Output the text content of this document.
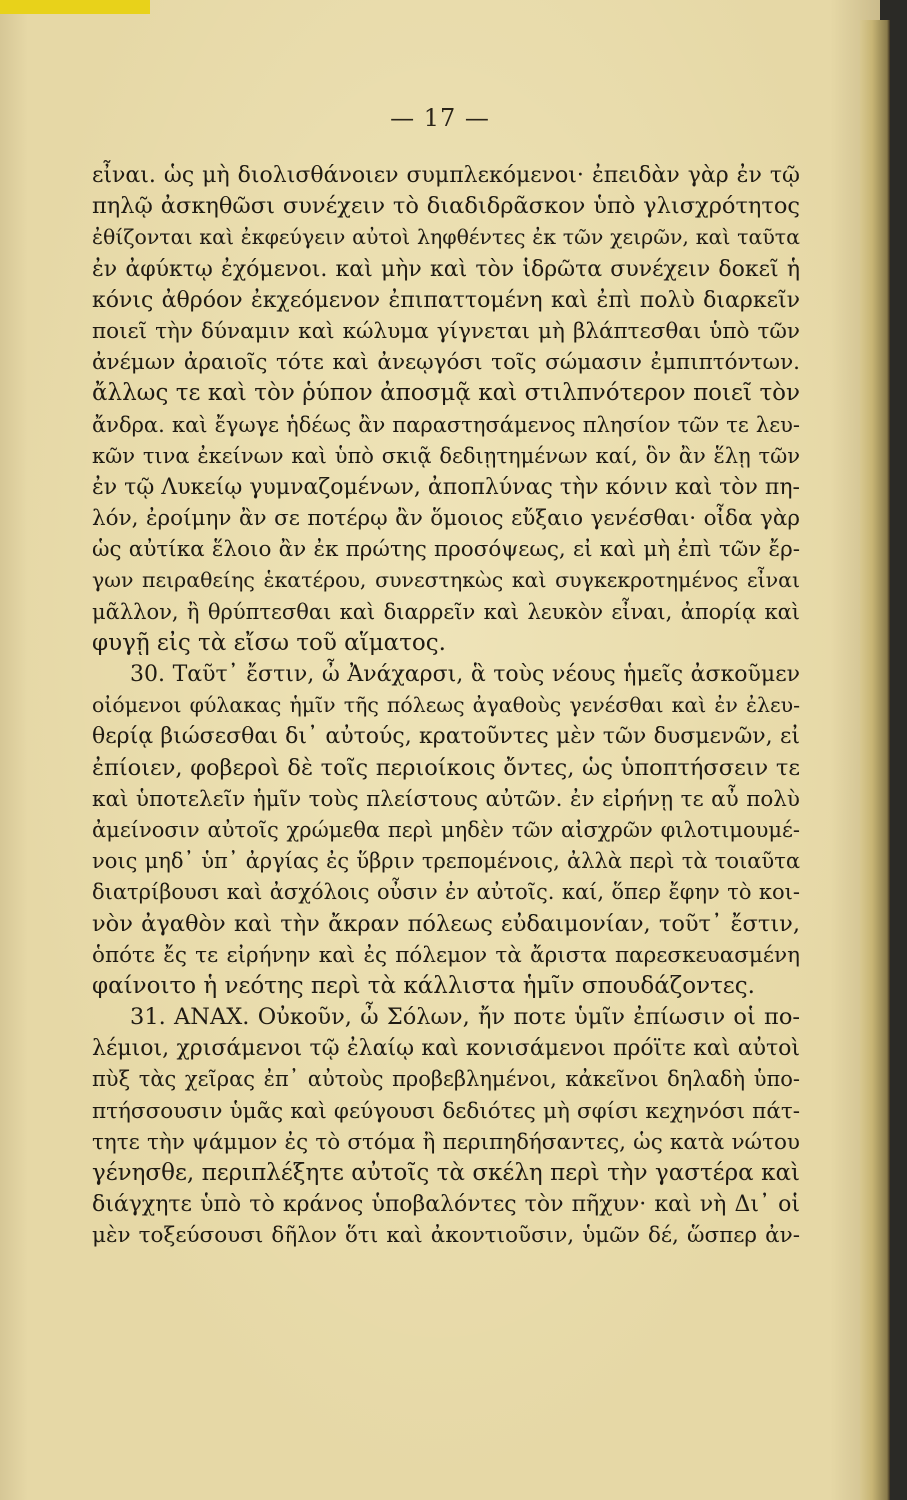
— 17 —
εἶναι. ὡς μὴ διολισθάνοιεν συμπλεκόμενοι· ἐπειδὰν γὰρ ἐν τῷ
πηλῷ ἀσκηθῶσι συνέχειν τὸ διαδιδρᾶσκον ὑπὸ γλισχρότητος
ἐθίζονται καὶ ἐκφεύγειν αὐτοὶ ληφθέντες ἐκ τῶν χειρῶν, καὶ ταῦτα
ἐν ἀφύκτῳ ἐχόμενοι. καὶ μὴν καὶ τὸν ἱδρῶτα συνέχειν δοκεῖ ἡ
κόνις ἀθρόον ἐκχεόμενον ἐπιπαττομένη καὶ ἐπὶ πολὺ διαρκεῖν
ποιεῖ τὴν δύναμιν καὶ κώλυμα γίγνεται μὴ βλάπτεσθαι ὑπὸ τῶν
ἀνέμων ἀραιοῖς τότε καὶ ἀνεῳγόσι τοῖς σώμασιν ἐμπιπτόντων.
ἄλλως τε καὶ τὸν ῥύπον ἀποσμᾷ καὶ στιλπνότερον ποιεῖ τὸν
ἄνδρα. καὶ ἔγωγε ἡδέως ἂν παραστησάμενος πλησίον τῶν τε λευ-
κῶν τινα ἐκείνων καὶ ὑπὸ σκιᾷ δεδιῃτημένων καί, ὃν ἂν ἕλῃ τῶν
ἐν τῷ Λυκείῳ γυμναζομένων, ἀποπλύνας τὴν κόνιν καὶ τὸν πη-
λόν, ἐροίμην ἂν σε ποτέρῳ ἂν ὅμοιος εὔξαιο γενέσθαι· οἶδα γὰρ
ὡς αὐτίκα ἕλοιο ἂν ἐκ πρώτης προσόψεως, εἰ καὶ μὴ ἐπὶ τῶν ἔρ-
γων πειραθείης ἑκατέρου, συνεστηκὼς καὶ συγκεκροτημένος εἶναι
μᾶλλον, ἢ θρύπτεσθαι καὶ διαρρεῖν καὶ λευκὸν εἶναι, ἀπορίᾳ καὶ
φυγῇ εἰς τὰ εἴσω τοῦ αἵματος.
30. Ταῦτ᾽ ἔστιν, ὦ Ἀνάχαρσι, ἃ τοὺς νέους ἡμεῖς ἀσκοῦμεν
οἰόμενοι φύλακας ἡμῖν τῆς πόλεως ἀγαθοὺς γενέσθαι καὶ ἐν ἐλευ-
θερίᾳ βιώσεσθαι δι᾽ αὐτούς, κρατοῦντες μὲν τῶν δυσμενῶν, εἰ
ἐπίοιεν, φοβεροὶ δὲ τοῖς περιοίκοις ὄντες, ὡς ὑποπτήσσειν τε
καὶ ὑποτελεῖν ἡμῖν τοὺς πλείστους αὐτῶν. ἐν εἰρήνῃ τε αὖ πολὺ
ἀμείνοσιν αὐτοῖς χρώμεθα περὶ μηδὲν τῶν αἰσχρῶν φιλοτιμουμέ-
νοις μηδ᾽ ὑπ᾽ ἀργίας ἐς ὕβριν τρεπομένοις, ἀλλὰ περὶ τὰ τοιαῦτα
διατρίβουσι καὶ ἀσχόλοις οὖσιν ἐν αὐτοῖς. καί, ὅπερ ἔφην τὸ κοι-
νὸν ἀγαθὸν καὶ τὴν ἄκραν πόλεως εὐδαιμονίαν, τοῦτ᾽ ἔστιν,
ὁπότε ἔς τε εἰρήνην καὶ ἐς πόλεμον τὰ ἄριστα παρεσκευασμένη
φαίνοιτο ἡ νεότης περὶ τὰ κάλλιστα ἡμῖν σπουδάζοντες.
31. ΑΝΑΧ. Οὐκοῦν, ὦ Σόλων, ἤν ποτε ὑμῖν ἐπίωσιν οἱ πο-
λέμιοι, χρισάμενοι τῷ ἐλαίῳ καὶ κονισάμενοι πρόϊτε καὶ αὐτοὶ
πὺξ τὰς χεῖρας ἐπ᾽ αὐτοὺς προβεβλημένοι, κἀκεῖνοι δηλαδὴ ὑπο-
πτήσσουσιν ὑμᾶς καὶ φεύγουσι δεδιότες μὴ σφίσι κεχηνόσι πάτ-
τητε τὴν ψάμμον ἐς τὸ στόμα ἢ περιπηδήσαντες, ὡς κατὰ νώτου
γένησθε, περιπλέξητε αὐτοῖς τὰ σκέλη περὶ τὴν γαστέρα καὶ
διάγχητε ὑπὸ τὸ κράνος ὑποβαλόντες τὸν πῆχυν· καὶ νὴ Δι᾽ οἱ
μὲν τοξεύσουσι δῆλον ὅτι καὶ ἀκοντιοῦσιν, ὑμῶν δέ, ὥσπερ ἀν-
